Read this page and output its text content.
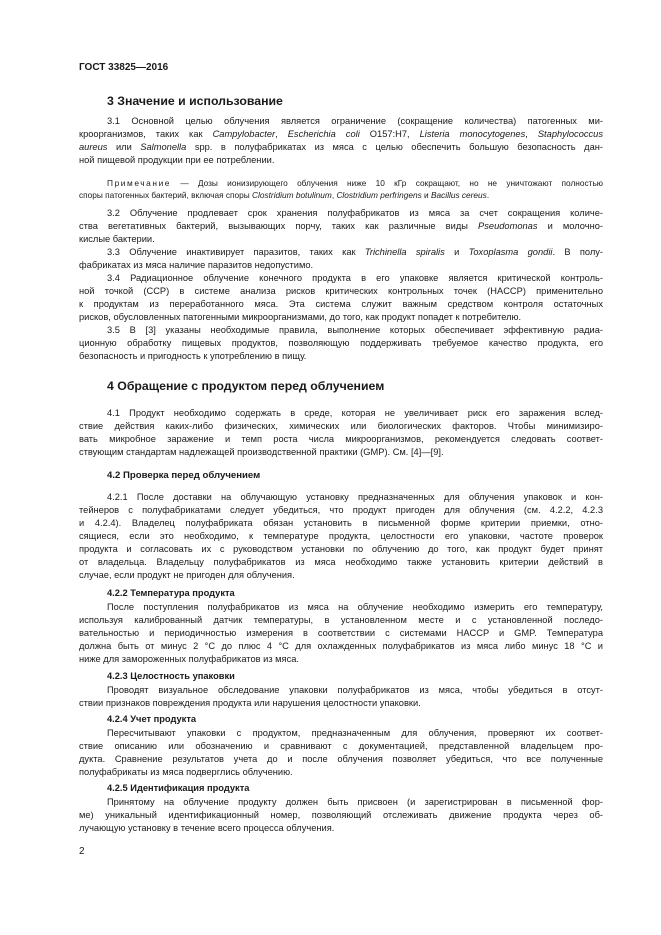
ГОСТ 33825—2016
3 Значение и использование
3.1 Основной целью облучения является ограничение (сокращение количества) патогенных ми-
кроорганизмов, таких как Campylobacter, Escherichia coli O157:H7, Listeria monocytogenes, Staphylococcus
aureus или Salmonella spp. в полуфабрикатах из мяса с целью обеспечить большую безопасность дан-
ной пищевой продукции при ее потреблении.
Примечание — Дозы ионизирующего облучения ниже 10 кГр сокращают, но не уничтожают полностью
споры патогенных бактерий, включая споры Clostridium botulinum, Clostridium perfringens и Bacillus cereus.
3.2 Облучение продлевает срок хранения полуфабрикатов из мяса за счет сокращения количе-
ства вегетативных бактерий, вызывающих порчу, таких как различные виды Pseudomonas и молочно-
кислые бактерии.
3.3 Облучение инактивирует паразитов, таких как Trichinella spiralis и Toxoplasma gondii. В полу-
фабрикатах из мяса наличие паразитов недопустимо.
3.4 Радиационное облучение конечного продукта в его упаковке является критической контроль-
ной точкой (CCP) в системе анализа рисков критических контрольных точек (HACCP) применительно
к продуктам из переработанного мяса. Эта система служит важным средством контроля остаточных
рисков, обусловленных патогенными микроорганизмами, до того, как продукт попадет к потребителю.
3.5 В [3] указаны необходимые правила, выполнение которых обеспечивает эффективную радиа-
ционную обработку пищевых продуктов, позволяющую поддерживать требуемое качество продукта, его
безопасность и пригодность к употреблению в пищу.
4 Обращение с продуктом перед облучением
4.1 Продукт необходимо содержать в среде, которая не увеличивает риск его заражения вслед-
ствие действия каких-либо физических, химических или биологических факторов. Чтобы минимизиро-
вать микробное заражение и темп роста числа микроорганизмов, рекомендуется следовать соответ-
ствующим стандартам надлежащей производственной практики (GMP). См. [4]—[9].
4.2 Проверка перед облучением
4.2.1 После доставки на облучающую установку предназначенных для облучения упаковок и кон-
тейнеров с полуфабрикатами следует убедиться, что продукт пригоден для облучения (см. 4.2.2, 4.2.3
и 4.2.4). Владелец полуфабриката обязан установить в письменной форме критерии приемки, отно-
сящиеся, если это необходимо, к температуре продукта, целостности его упаковки, частоте проверок
продукта и согласовать их с руководством установки по облучению до того, как продукт будет принят
от владельца. Владельцу полуфабрикатов из мяса необходимо также установить критерии действий в
случае, если продукт не пригоден для облучения.
4.2.2 Температура продукта
После поступления полуфабрикатов из мяса на облучение необходимо измерить его температуру,
используя калиброванный датчик температуры, в установленном месте и с установленной последо-
вательностью и периодичностью измерения в соответствии с системами HACCP и GMP. Температура
должна быть от минус 2 °С до плюс 4 °С для охлажденных полуфабрикатов из мяса либо минус 18 °С и
ниже для замороженных полуфабрикатов из мяса.
4.2.3 Целостность упаковки
Проводят визуальное обследование упаковки полуфабрикатов из мяса, чтобы убедиться в отсут-
ствии признаков повреждения продукта или нарушения целостности упаковки.
4.2.4 Учет продукта
Пересчитывают упаковки с продуктом, предназначенным для облучения, проверяют их соответ-
ствие описанию или обозначению и сравнивают с документацией, представленной владельцем про-
дукта. Сравнение результатов учета до и после облучения позволяет убедиться, что все полученные
полуфабрикаты из мяса подверглись облучению.
4.2.5 Идентификация продукта
Принятому на облучение продукту должен быть присвоен (и зарегистрирован в письменной фор-
ме) уникальный идентификационный номер, позволяющий отслеживать движение продукта через об-
лучающую установку в течение всего процесса облучения.
2
